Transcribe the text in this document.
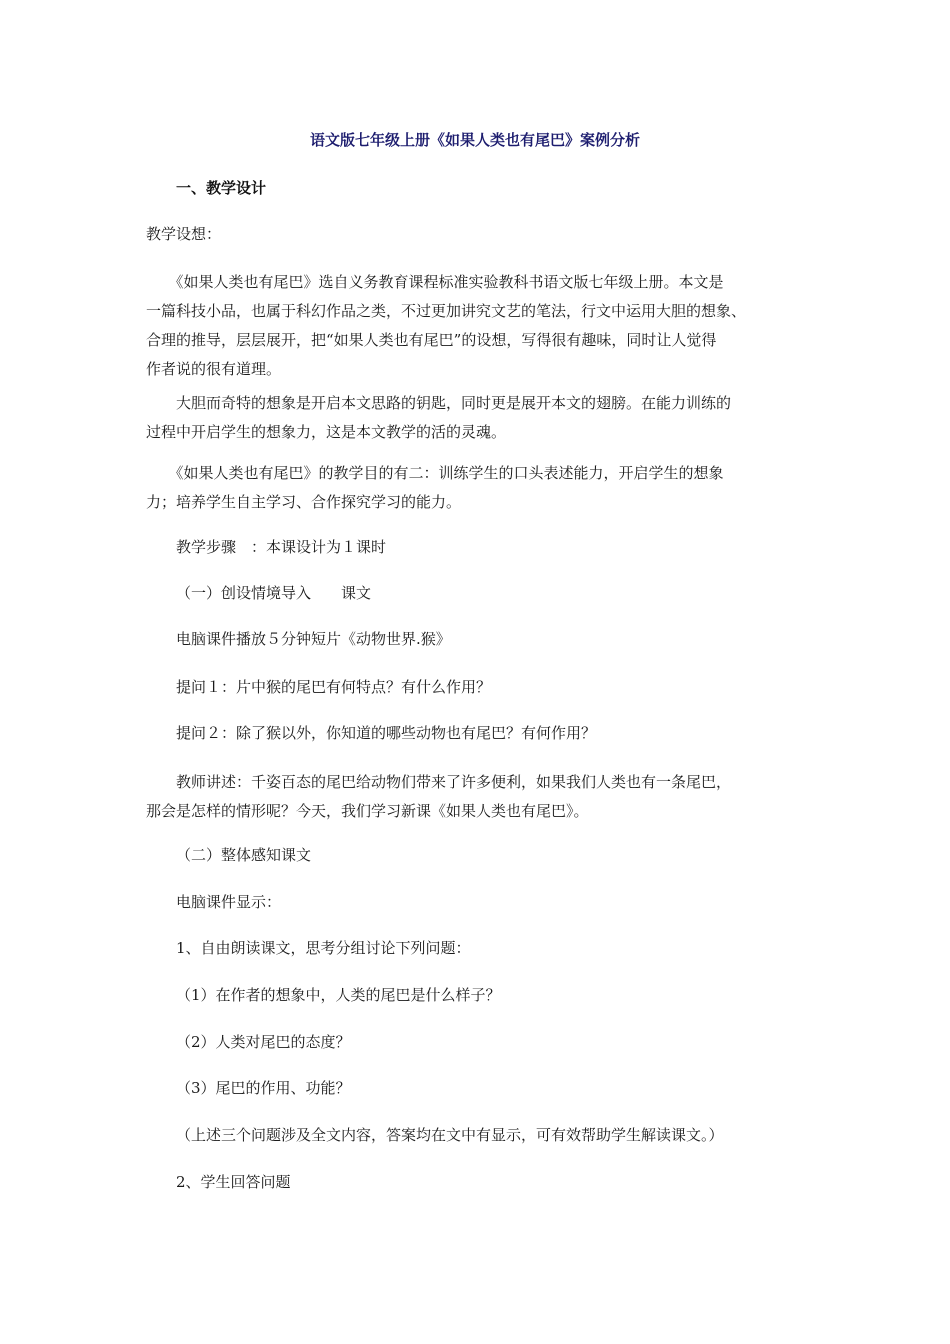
语文版七年级上册《如果人类也有尾巴》案例分析
一、教学设计
教学设想：
　　《如果人类也有尾巴》选自义务教育课程标准实验教科书语文版七年级上册。本文是
一篇科技小品，也属于科幻作品之类，不过更加讲究文艺的笔法，行文中运用大胆的想象、
合理的推导，层层展开，把“如果人类也有尾巴”的设想，写得很有趣味，同时让人觉得
作者说的很有道理。
　　大胆而奇特的想象是开启本文思路的钥匙，同时更是展开本文的翅膀。在能力训练的
过程中开启学生的想象力，这是本文教学的活的灵魂。
　　《如果人类也有尾巴》的教学目的有二：训练学生的口头表述能力，开启学生的想象
力；培养学生自主学习、合作探究学习的能力。
教学步骤　：本课设计为１课时
（一）创设情境导入　　课文
电脑课件播放５分钟短片《动物世界.猴》
提问１：片中猴的尾巴有何特点？有什么作用？
提问２：除了猴以外，你知道的哪些动物也有尾巴？有何作用？
　　教师讲述：千姿百态的尾巴给动物们带来了许多便利，如果我们人类也有一条尾巴，
那会是怎样的情形呢？今天，我们学习新课《如果人类也有尾巴》。
（二）整体感知课文
电脑课件显示：
1、自由朗读课文，思考分组讨论下列问题：
（1）在作者的想象中，人类的尾巴是什么样子？
（2）人类对尾巴的态度？
（3）尾巴的作用、功能？
（上述三个问题涉及全文内容，答案均在文中有显示，可有效帮助学生解读课文。）
2、学生回答问题
